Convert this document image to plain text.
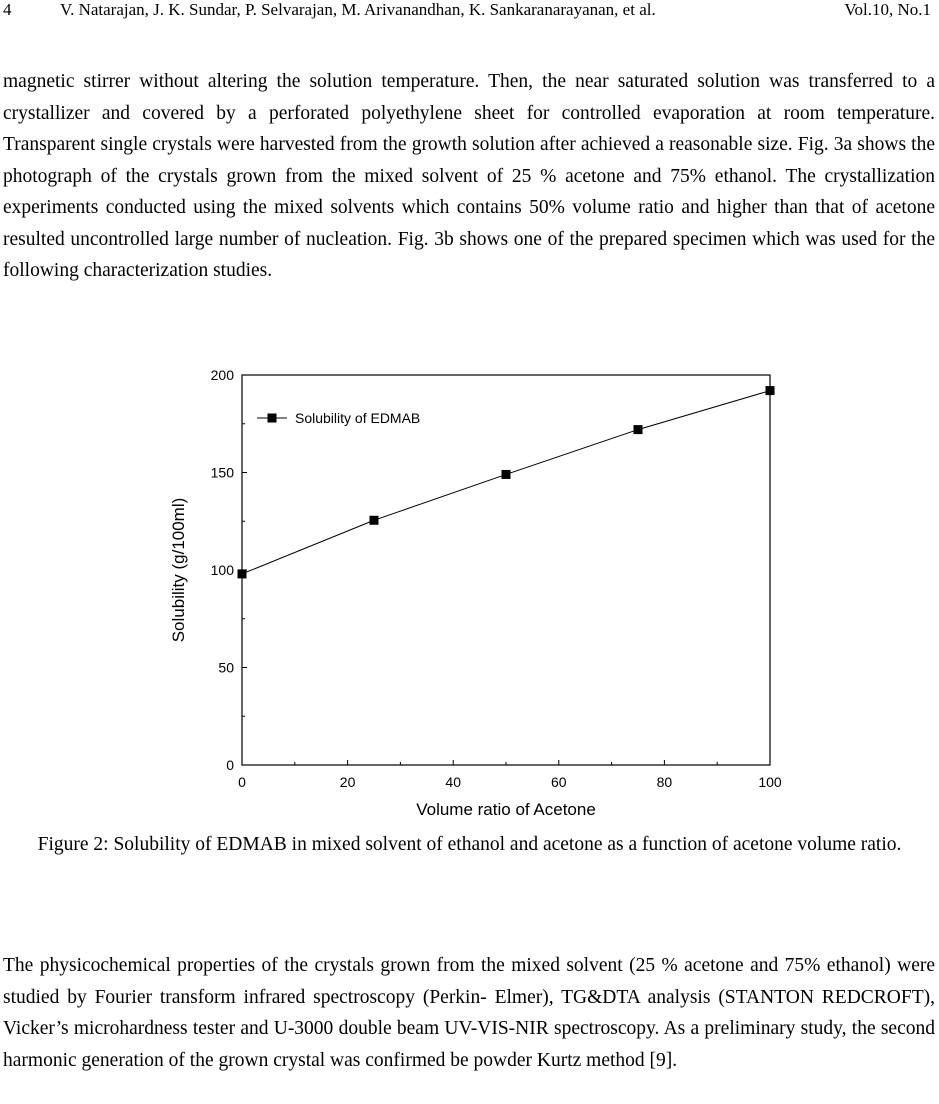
4	V. Natarajan, J. K. Sundar, P. Selvarajan, M. Arivanandhan, K. Sankaranarayanan, et al.	Vol.10, No.1
magnetic stirrer without altering the solution temperature. Then, the near saturated solution was transferred to a crystallizer and covered by a perforated polyethylene sheet for controlled evaporation at room temperature. Transparent single crystals were harvested from the growth solution after achieved a reasonable size. Fig. 3a shows the photograph of the crystals grown from the mixed solvent of 25 % acetone and 75% ethanol. The crystallization experiments conducted using the mixed solvents which contains 50% volume ratio and higher than that of acetone resulted uncontrolled large number of nucleation. Fig. 3b shows one of the prepared specimen which was used for the following characterization studies.
0	20	40	60	80	100
0
50
100
150
200
Volume ratio of Acetone
Solubility (g/100ml)
Solubility of EDMAB
Figure 2: Solubility of EDMAB in mixed solvent of ethanol and acetone as a function of acetone volume ratio.
The physicochemical properties of the crystals grown from the mixed solvent (25 % acetone and 75% ethanol) were studied by Fourier transform infrared spectroscopy (Perkin- Elmer), TG&DTA analysis (STANTON REDCROFT), Vicker’s microhardness tester and U-3000 double beam UV-VIS-NIR spectroscopy. As a preliminary study, the second harmonic generation of the grown crystal was confirmed be powder Kurtz method [9].
